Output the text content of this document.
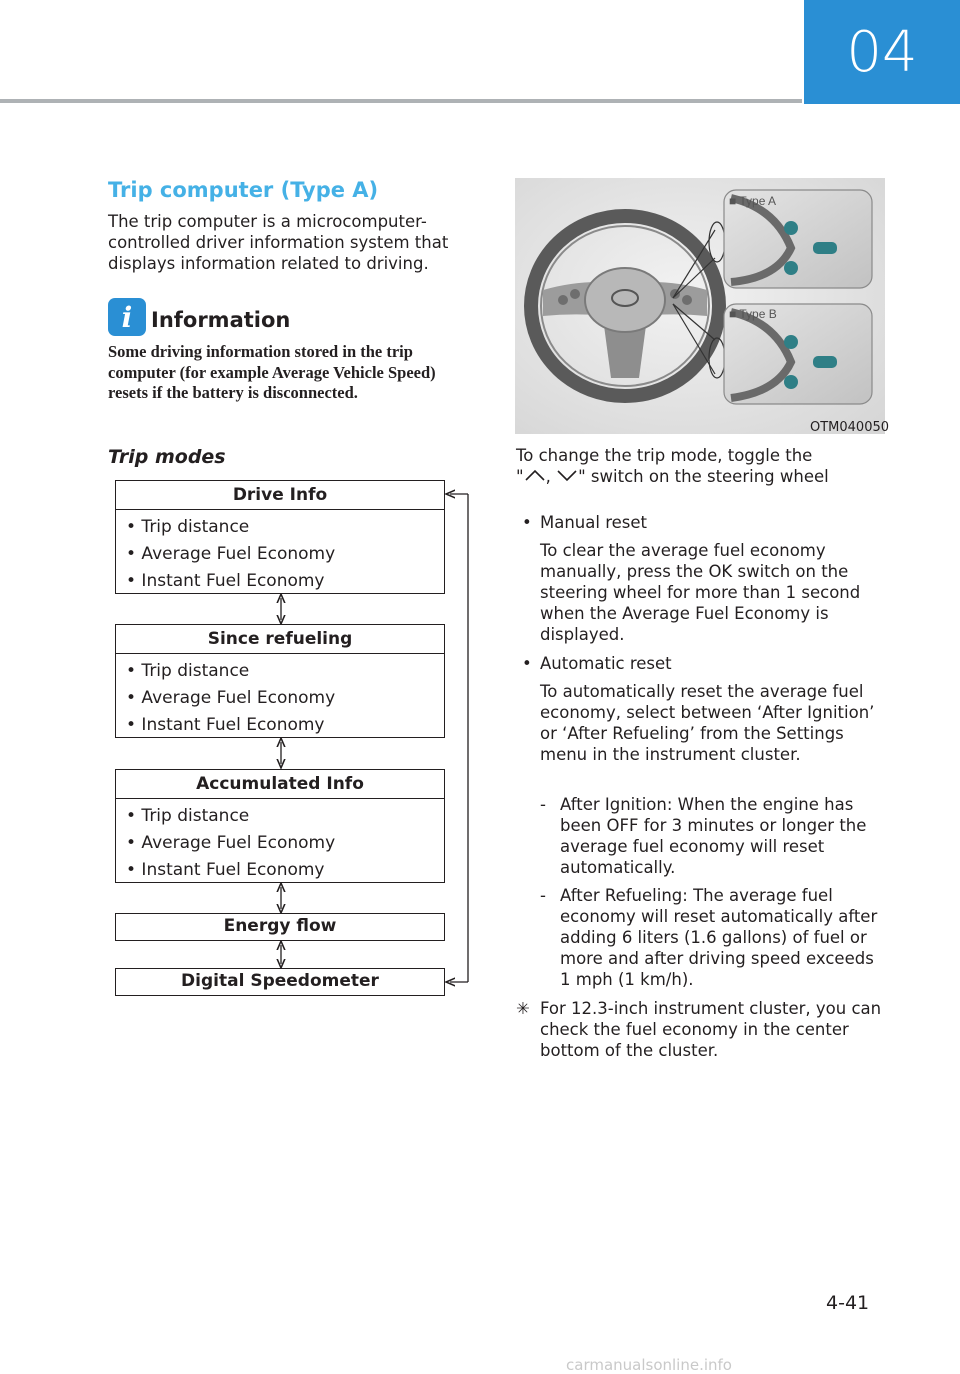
04
Trip computer (Type A)
The trip computer is a microcomputer-controlled driver information system that displays information related to driving.
i Information
Some driving information stored in the trip computer (for example Average Vehicle Speed) resets if the battery is disconnected.
Trip modes
Drive Info
• Trip distance
• Average Fuel Economy
• Instant Fuel Economy
Since refueling
• Trip distance
• Average Fuel Economy
• Instant Fuel Economy
Accumulated Info
• Trip distance
• Average Fuel Economy
• Instant Fuel Economy
Energy flow
Digital Speedometer
■ Type A
■ Type B
OTM040050
To change the trip mode, toggle the
" , " switch on the steering wheel
• Manual reset
To clear the average fuel economy manually, press the OK switch on the steering wheel for more than 1 second when the Average Fuel Economy is displayed.
• Automatic reset
To automatically reset the average fuel economy, select between ‘After Ignition’ or ‘After Refueling’ from the Settings menu in the instrument cluster.
- After Ignition: When the engine has been OFF for 3 minutes or longer the average fuel economy will reset automatically.
- After Refueling: The average fuel economy will reset automatically after adding 6 liters (1.6 gallons) of fuel or more and after driving speed exceeds 1 mph (1 km/h).
✳ For 12.3-inch instrument cluster, you can check the fuel economy in the center bottom of the cluster.
4-41
carmanualsonline.info
